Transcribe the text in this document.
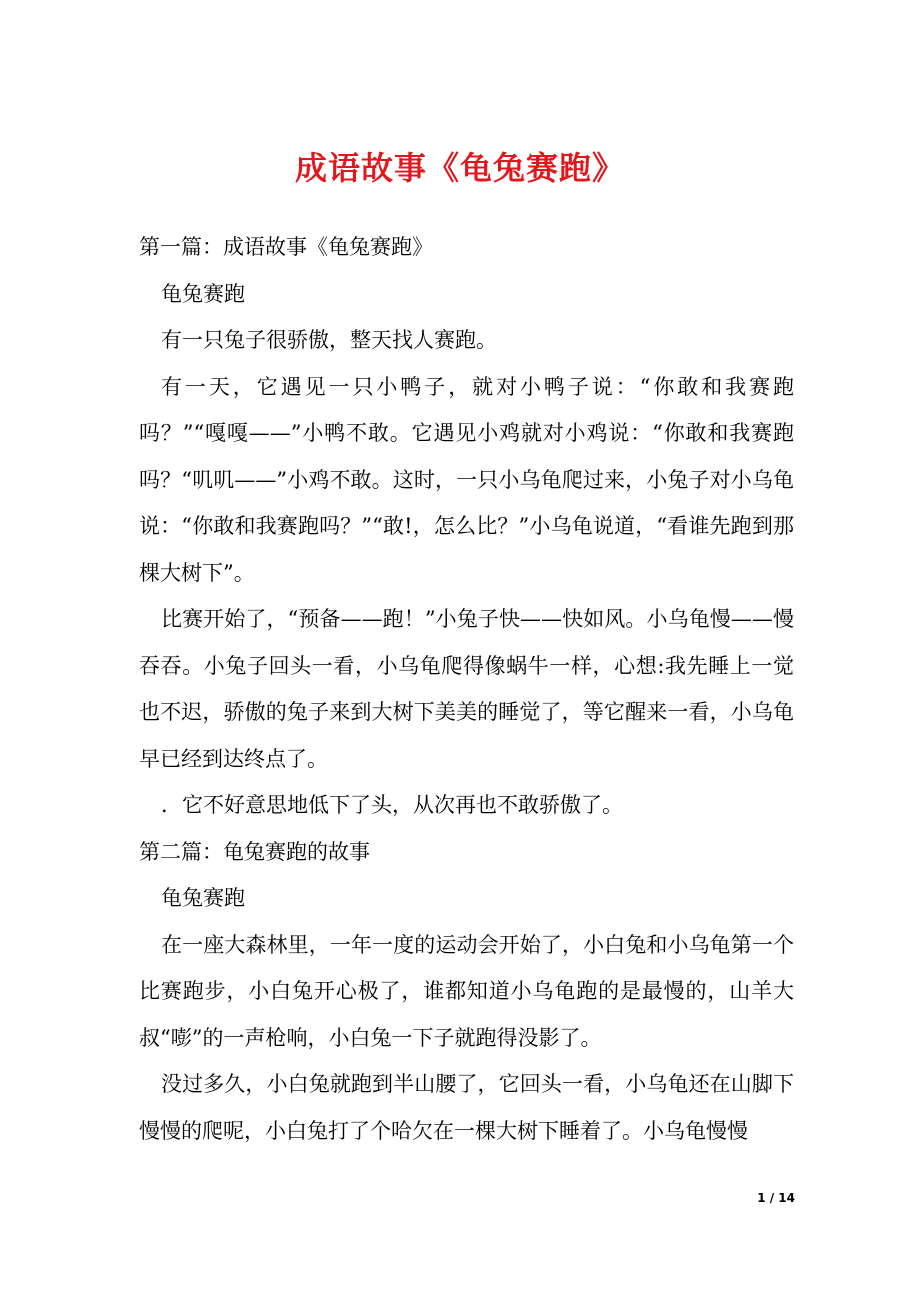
成语故事《龟兔赛跑》

第一篇：成语故事《龟兔赛跑》

龟兔赛跑

有一只兔子很骄傲，整天找人赛跑。

有一天，它遇见一只小鸭子，就对小鸭子说：“你敢和我赛跑吗？”“嘎嘎——”小鸭不敢。它遇见小鸡就对小鸡说：“你敢和我赛跑吗？“叽叽——”小鸡不敢。这时，一只小乌龟爬过来，小兔子对小乌龟说：“你敢和我赛跑吗？”“敢!，怎么比？”小乌龟说道，“看谁先跑到那棵大树下”。

比赛开始了，“预备——跑！”小兔子快——快如风。小乌龟慢——慢吞吞。小兔子回头一看，小乌龟爬得像蜗牛一样，心想:我先睡上一觉也不迟，骄傲的兔子来到大树下美美的睡觉了，等它醒来一看，小乌龟早已经到达终点了。

．它不好意思地低下了头，从次再也不敢骄傲了。

第二篇：龟兔赛跑的故事

龟兔赛跑

在一座大森林里，一年一度的运动会开始了，小白兔和小乌龟第一个比赛跑步，小白兔开心极了，谁都知道小乌龟跑的是最慢的，山羊大叔“嘭”的一声枪响，小白兔一下子就跑得没影了。

没过多久，小白兔就跑到半山腰了，它回头一看，小乌龟还在山脚下慢慢的爬呢，小白兔打了个哈欠在一棵大树下睡着了。小乌龟慢慢

1 / 14
